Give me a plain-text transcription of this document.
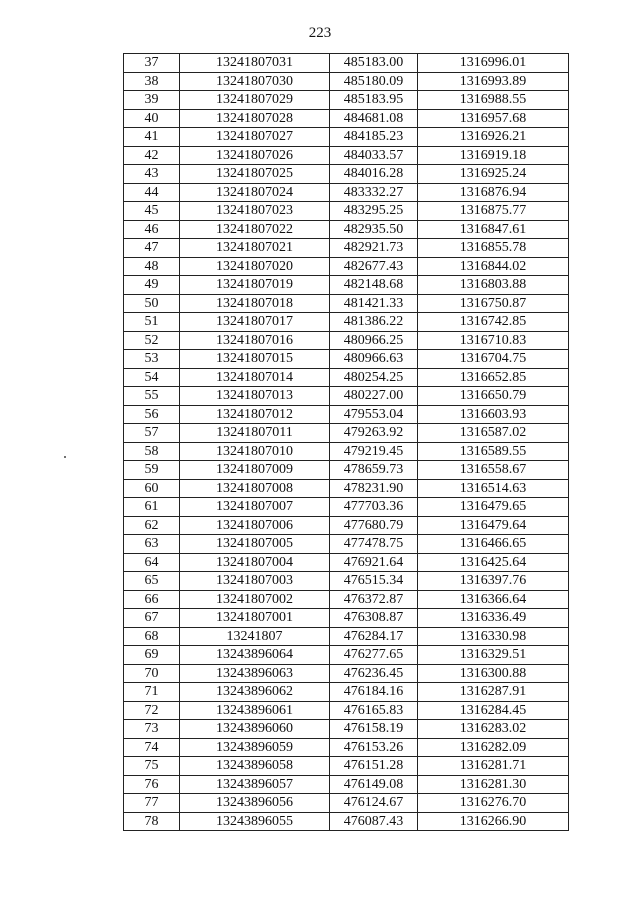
223
37	13241807031	485183.00	1316996.01
38	13241807030	485180.09	1316993.89
39	13241807029	485183.95	1316988.55
40	13241807028	484681.08	1316957.68
41	13241807027	484185.23	1316926.21
42	13241807026	484033.57	1316919.18
43	13241807025	484016.28	1316925.24
44	13241807024	483332.27	1316876.94
45	13241807023	483295.25	1316875.77
46	13241807022	482935.50	1316847.61
47	13241807021	482921.73	1316855.78
48	13241807020	482677.43	1316844.02
49	13241807019	482148.68	1316803.88
50	13241807018	481421.33	1316750.87
51	13241807017	481386.22	1316742.85
52	13241807016	480966.25	1316710.83
53	13241807015	480966.63	1316704.75
54	13241807014	480254.25	1316652.85
55	13241807013	480227.00	1316650.79
56	13241807012	479553.04	1316603.93
57	13241807011	479263.92	1316587.02
58	13241807010	479219.45	1316589.55
59	13241807009	478659.73	1316558.67
60	13241807008	478231.90	1316514.63
61	13241807007	477703.36	1316479.65
62	13241807006	477680.79	1316479.64
63	13241807005	477478.75	1316466.65
64	13241807004	476921.64	1316425.64
65	13241807003	476515.34	1316397.76
66	13241807002	476372.87	1316366.64
67	13241807001	476308.87	1316336.49
68	13241807	476284.17	1316330.98
69	13243896064	476277.65	1316329.51
70	13243896063	476236.45	1316300.88
71	13243896062	476184.16	1316287.91
72	13243896061	476165.83	1316284.45
73	13243896060	476158.19	1316283.02
74	13243896059	476153.26	1316282.09
75	13243896058	476151.28	1316281.71
76	13243896057	476149.08	1316281.30
77	13243896056	476124.67	1316276.70
78	13243896055	476087.43	1316266.90
